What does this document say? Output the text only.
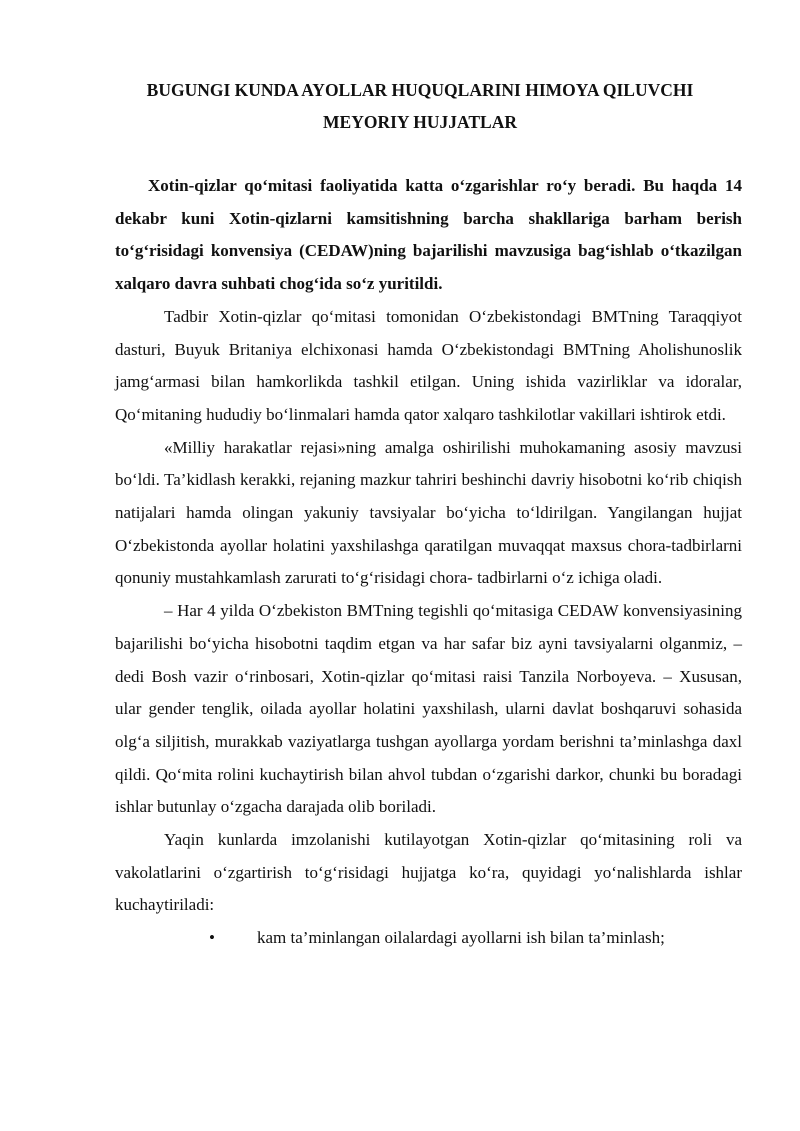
BUGUNGI KUNDA AYOLLAR HUQUQLARINI HIMOYA QILUVCHI
MEYORIY HUJJATLAR

Xotin-qizlar qo‘mitasi faoliyatida katta o‘zgarishlar ro‘y beradi. Bu haqda 14 dekabr kuni Xotin-qizlarni kamsitishning barcha shakllariga barham berish to‘g‘risidagi konvensiya (CEDAW)ning bajarilishi mavzusiga bag‘ishlab o‘tkazilgan xalqaro davra suhbati chog‘ida so‘z yuritildi.

Tadbir Xotin-qizlar qo‘mitasi tomonidan O‘zbekistondagi BMTning Taraqqiyot dasturi, Buyuk Britaniya elchixonasi hamda O‘zbekistondagi BMTning Aholishunoslik jamg‘armasi bilan hamkorlikda tashkil etilgan. Uning ishida vazirliklar va idoralar, Qo‘mitaning hududiy bo‘linmalari hamda qator xalqaro tashkilotlar vakillari ishtirok etdi.

«Milliy harakatlar rejasi»ning amalga oshirilishi muhokamaning asosiy mavzusi bo‘ldi. Ta’kidlash kerakki, rejaning mazkur tahriri beshinchi davriy hisobotni ko‘rib chiqish natijalari hamda olingan yakuniy tavsiyalar bo‘yicha to‘ldirilgan. Yangilangan hujjat O‘zbekistonda ayollar holatini yaxshilashga qaratilgan muvaqqat maxsus chora-tadbirlarni qonuniy mustahkamlash zarurati to‘g‘risidagi chora- tadbirlarni o‘z ichiga oladi.

– Har 4 yilda O‘zbekiston BMTning tegishli qo‘mitasiga CEDAW konvensiyasining bajarilishi bo‘yicha hisobotni taqdim etgan va har safar biz ayni tavsiyalarni olganmiz, – dedi Bosh vazir o‘rinbosari, Xotin-qizlar qo‘mitasi raisi Tanzila Norboyeva. – Xususan, ular gender tenglik, oilada ayollar holatini yaxshilash, ularni davlat boshqaruvi sohasida olg‘a siljitish, murakkab vaziyatlarga tushgan ayollarga yordam berishni ta’minlashga daxl qildi. Qo‘mita rolini kuchaytirish bilan ahvol tubdan o‘zgarishi darkor, chunki bu boradagi ishlar butunlay o‘zgacha darajada olib boriladi.

Yaqin kunlarda imzolanishi kutilayotgan Xotin-qizlar qo‘mitasining roli va vakolatlarini o‘zgartirish to‘g‘risidagi hujjatga ko‘ra, quyidagi yo‘nalishlarda ishlar kuchaytiriladi:

• kam ta’minlangan oilalardagi ayollarni ish bilan ta’minlash;
